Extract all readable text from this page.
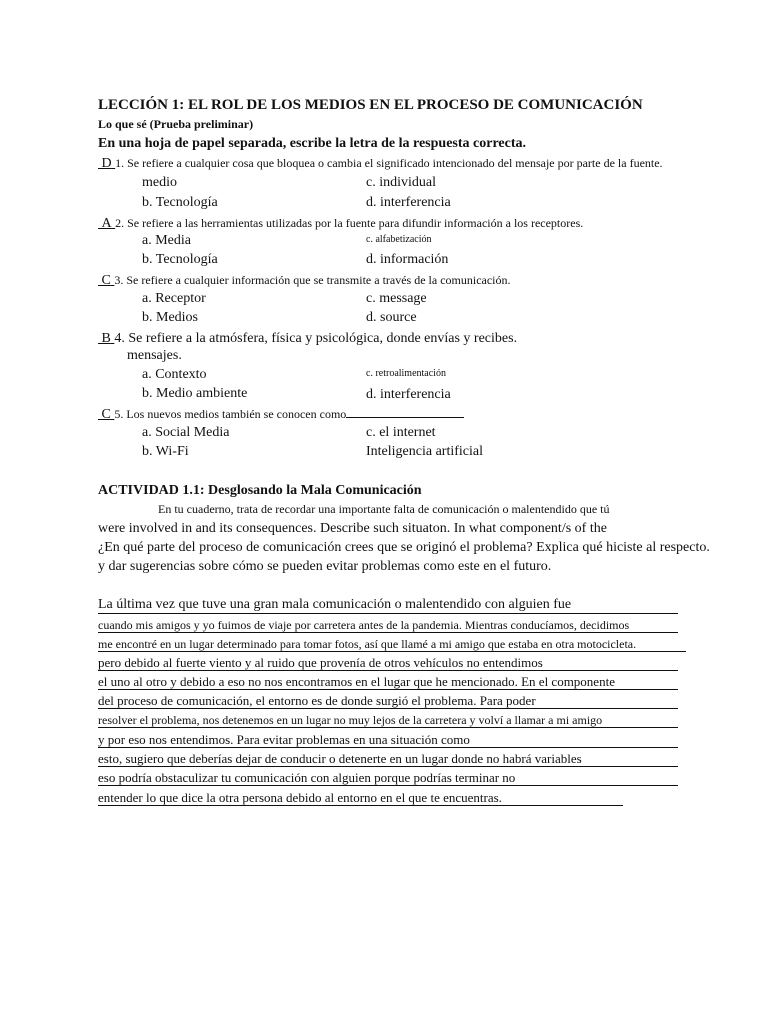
LECCIÓN 1: EL ROL DE LOS MEDIOS EN EL PROCESO DE COMUNICACIÓN
Lo que sé (Prueba preliminar)
En una hoja de papel separada, escribe la letra de la respuesta correcta.
D 1. Se refiere a cualquier cosa que bloquea o cambia el significado intencionado del mensaje por parte de la fuente.
medio	c. individual
b. Tecnología	d. interferencia
A 2. Se refiere a las herramientas utilizadas por la fuente para difundir información a los receptores.
a. Media	c. alfabetización
b. Tecnología	d. información
C 3. Se refiere a cualquier información que se transmite a través de la comunicación.
a. Receptor	c. message
b. Medios	d. source
B 4. Se refiere a la atmósfera, física y psicológica, donde envías y recibes.
mensajes.
a. Contexto	c. retroalimentación
b. Medio ambiente	d. interferencia
C 5. Los nuevos medios también se conocen como
a. Social Media	c. el internet
b. Wi-Fi	Inteligencia artificial
ACTIVIDAD 1.1: Desglosando la Mala Comunicación
En tu cuaderno, trata de recordar una importante falta de comunicación o malentendido que tú
were involved in and its consequences. Describe such situaton. In what component/s of the
¿En qué parte del proceso de comunicación crees que se originó el problema? Explica qué hiciste al respecto.
y dar sugerencias sobre cómo se pueden evitar problemas como este en el futuro.
La última vez que tuve una gran mala comunicación o malentendido con alguien fue
cuando mis amigos y yo fuimos de viaje por carretera antes de la pandemia. Mientras conducíamos, decidimos
me encontré en un lugar determinado para tomar fotos, así que llamé a mi amigo que estaba en otra motocicleta.
pero debido al fuerte viento y al ruido que provenía de otros vehículos no entendimos
el uno al otro y debido a eso no nos encontramos en el lugar que he mencionado. En el componente
del proceso de comunicación, el entorno es de donde surgió el problema. Para poder
resolver el problema, nos detenemos en un lugar no muy lejos de la carretera y volví a llamar a mi amigo
y por eso nos entendimos. Para evitar problemas en una situación como
esto, sugiero que deberías dejar de conducir o detenerte en un lugar donde no habrá variables
eso podría obstaculizar tu comunicación con alguien porque podrías terminar no
entender lo que dice la otra persona debido al entorno en el que te encuentras.
